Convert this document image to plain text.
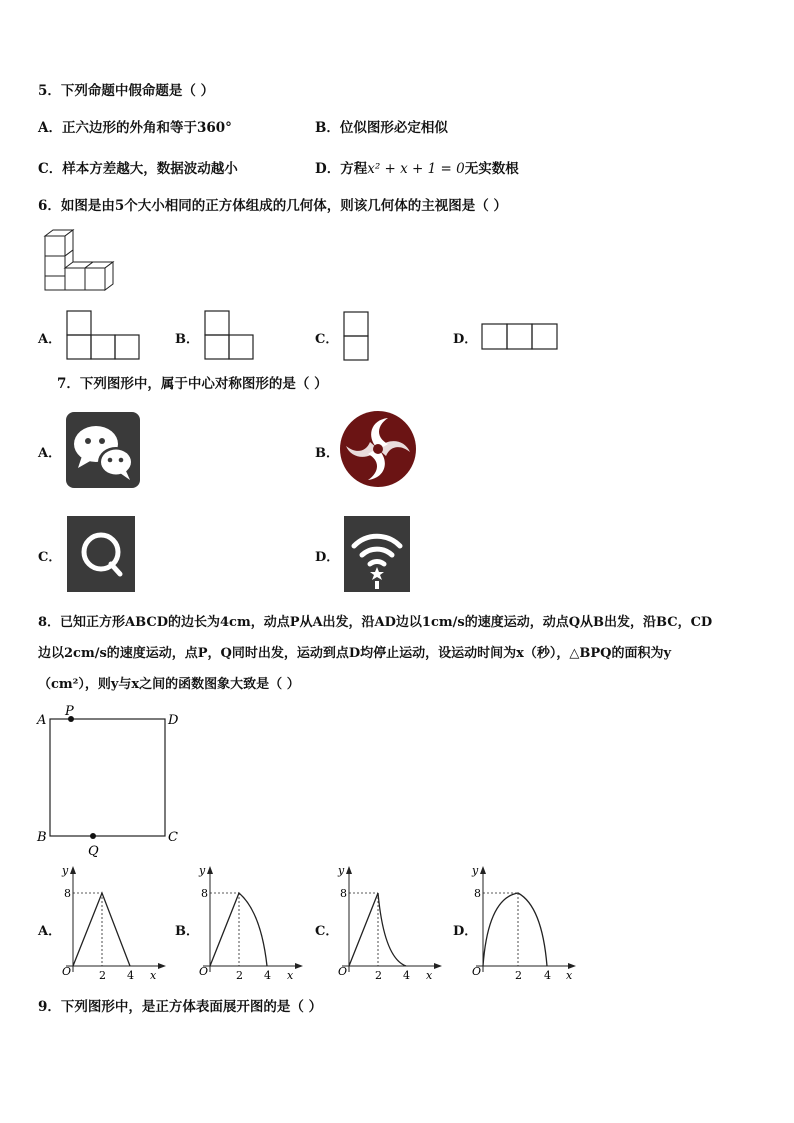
5．下列命题中假命题是（ ）
A．正六边形的外角和等于360°	B．位似图形必定相似
C．样本方差越大，数据波动越小	D．方程x² + x + 1 = 0无实数根
6．如图是由5个大小相同的正方体组成的几何体，则该几何体的主视图是（ ）
A．	B．	C．	D．
7．下列图形中，属于中心对称图形的是（ ）
A．	B．
C．	D．
8．已知正方形ABCD的边长为4cm，动点P从A出发，沿AD边以1cm/s的速度运动，动点Q从B出发，沿BC，CD
边以2cm/s的速度运动，点P，Q同时出发，运动到点D均停止运动，设运动时间为x（秒），△BPQ的面积为y
（cm²），则y与x之间的函数图象大致是（ ）
A
P
D
B	C
Q
A．	B．	C．	D．
y
8
O	2 4 x
y
8
O	2 4 x
y
8
O	2 4 x
y
8
O	2 4 x
9．下列图形中，是正方体表面展开图的是（ ）
